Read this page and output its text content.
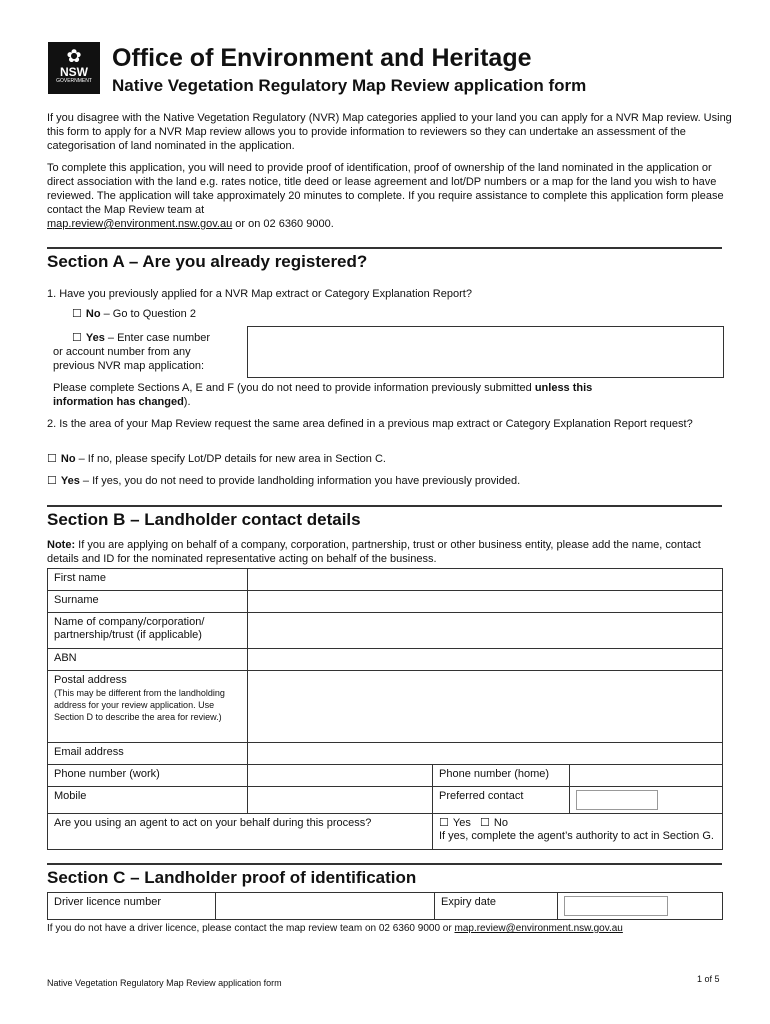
✿
NSW
GOVERNMENT
Office of Environment and Heritage
Native Vegetation Regulatory Map Review application form
If you disagree with the Native Vegetation Regulatory (NVR) Map categories applied to your land you can apply for a NVR Map review. Using this form to apply for a NVR Map review allows you to provide information to reviewers so they can undertake an assessment of the categorisation of land nominated in the application.
To complete this application, you will need to provide proof of identification, proof of ownership of the land nominated in the application or direct association with the land e.g. rates notice, title deed or lease agreement and lot/DP numbers or a map for the land you wish to have reviewed. The application will take approximately 20 minutes to complete. If you require assistance to complete this application form please contact the Map Review team at
map.review@environment.nsw.gov.au or on 02 6360 9000.
Section A – Are you already registered?
1. Have you previously applied for a NVR Map extract or Category Explanation Report?
☐ No – Go to Question 2
☐ Yes – Enter case number
or account number from any
previous NVR map application:
Please complete Sections A, E and F (you do not need to provide information previously submitted unless this
information has changed).
2. Is the area of your Map Review request the same area defined in a previous map extract or Category Explanation Report request?
☐ No – If no, please specify Lot/DP details for new area in Section C.
☐ Yes – If yes, you do not need to provide landholding information you have previously provided.
Section B – Landholder contact details
Note: If you are applying on behalf of a company, corporation, partnership, trust or other business entity, please add the name, contact details and ID for the nominated representative acting on behalf of the business.
First name			
Surname			
Name of company/corporation/
partnership/trust (if applicable)			
ABN			
Postal address
(This may be different from the landholding address for your review application. Use Section D to describe the area for review.)			

Email address			
Phone number (work)		Phone number (home)	
Mobile		Preferred contact	
Are you using an agent to act on your behalf during this process?		☐ Yes ☐ No
If yes, complete the agent’s authority to act in Section G.	
Section C – Landholder proof of identification
Driver licence number		Expiry date	
If you do not have a driver licence, please contact the map review team on 02 6360 9000 or map.review@environment.nsw.gov.au
Native Vegetation Regulatory Map Review application form	1 of 5
